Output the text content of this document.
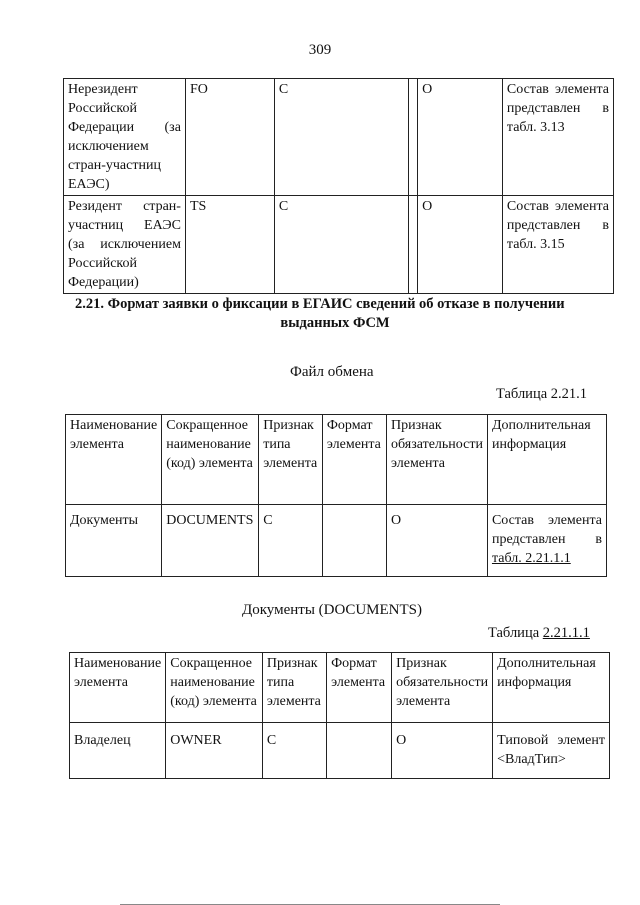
309
Нерезидент Российской Федерации (за исключением стран-участниц ЕАЭС)	FO	С		О	Состав элемента представлен в табл. 3.13
Резидент стран-участниц ЕАЭС (за исключением Российской Федерации)	TS	С		О	Состав элемента представлен в табл. 3.15
2.21. Формат заявки о фиксации в ЕГАИС сведений об отказе в получении
выданных ФСМ
Файл обмена
Таблица 2.21.1
Наименование элемента	Сокращенное наименование (код) элемента	Признак типа элемента	Формат элемента	Признак обязательности элемента	Дополнительная информация
Документы	DOCUMENTS	С		О	Состав элемента представлен в табл. 2.21.1.1
Документы (DOCUMENTS)
Таблица 2.21.1.1
Наименование элемента	Сокращенное наименование (код) элемента	Признак типа элемента	Формат элемента	Признак обязательности элемента	Дополнительная информация
Владелец	OWNER	С		О	Типовой элемент <ВладТип>
